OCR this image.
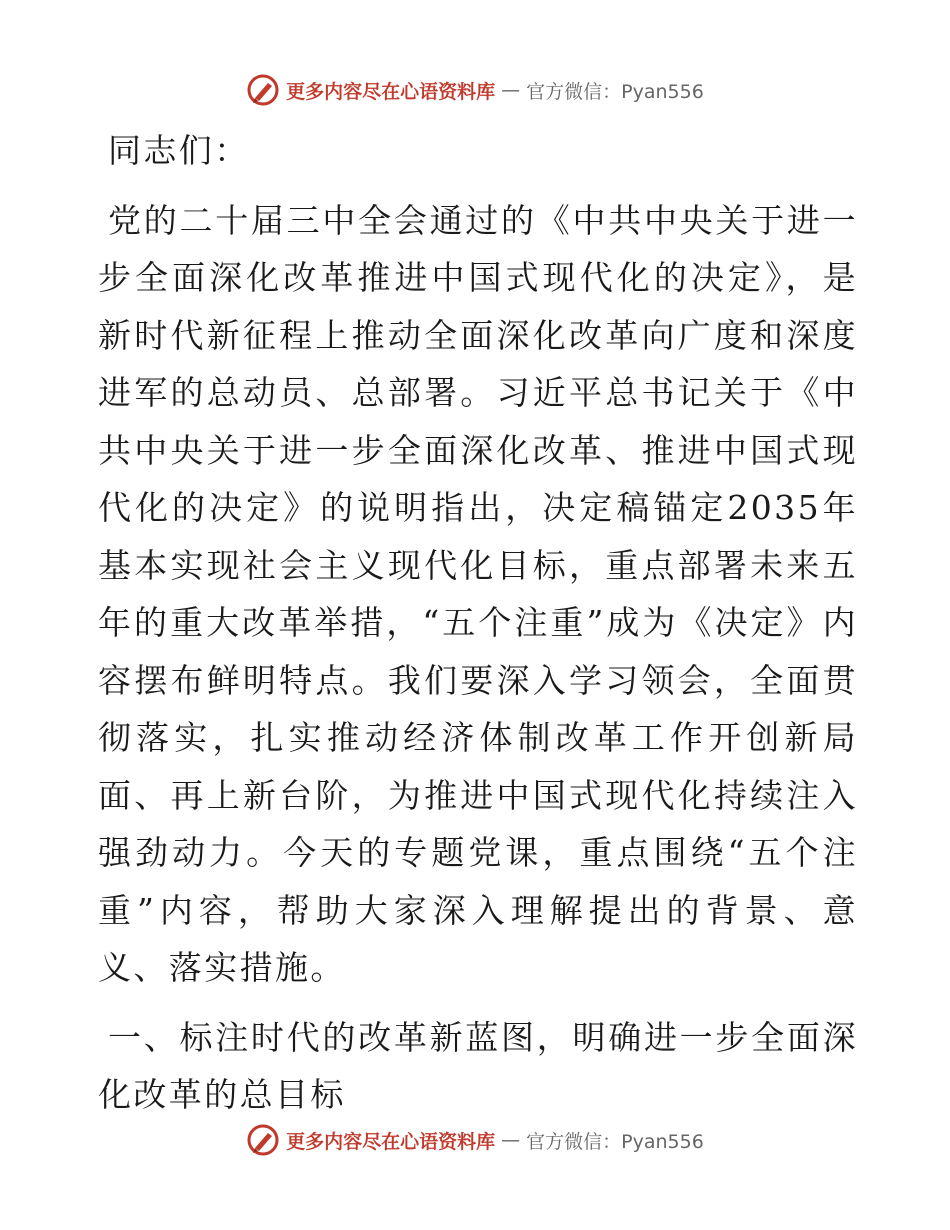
更多内容尽在心语资料库 — 官方微信：Pyan556

同志们：

党的二十届三中全会通过的《中共中央关于进一步全面深化改革推进中国式现代化的决定》，是新时代新征程上推动全面深化改革向广度和深度进军的总动员、总部署。习近平总书记关于《中共中央关于进一步全面深化改革、推进中国式现代化的决定》的说明指出，决定稿锚定2035年基本实现社会主义现代化目标，重点部署未来五年的重大改革举措，“五个注重”成为《决定》内容摆布鲜明特点。我们要深入学习领会，全面贯彻落实，扎实推动经济体制改革工作开创新局面、再上新台阶，为推进中国式现代化持续注入强劲动力。今天的专题党课，重点围绕“五个注重”内容，帮助大家深入理解提出的背景、意义、落实措施。

一、标注时代的改革新蓝图，明确进一步全面深化改革的总目标

更多内容尽在心语资料库 — 官方微信：Pyan556
